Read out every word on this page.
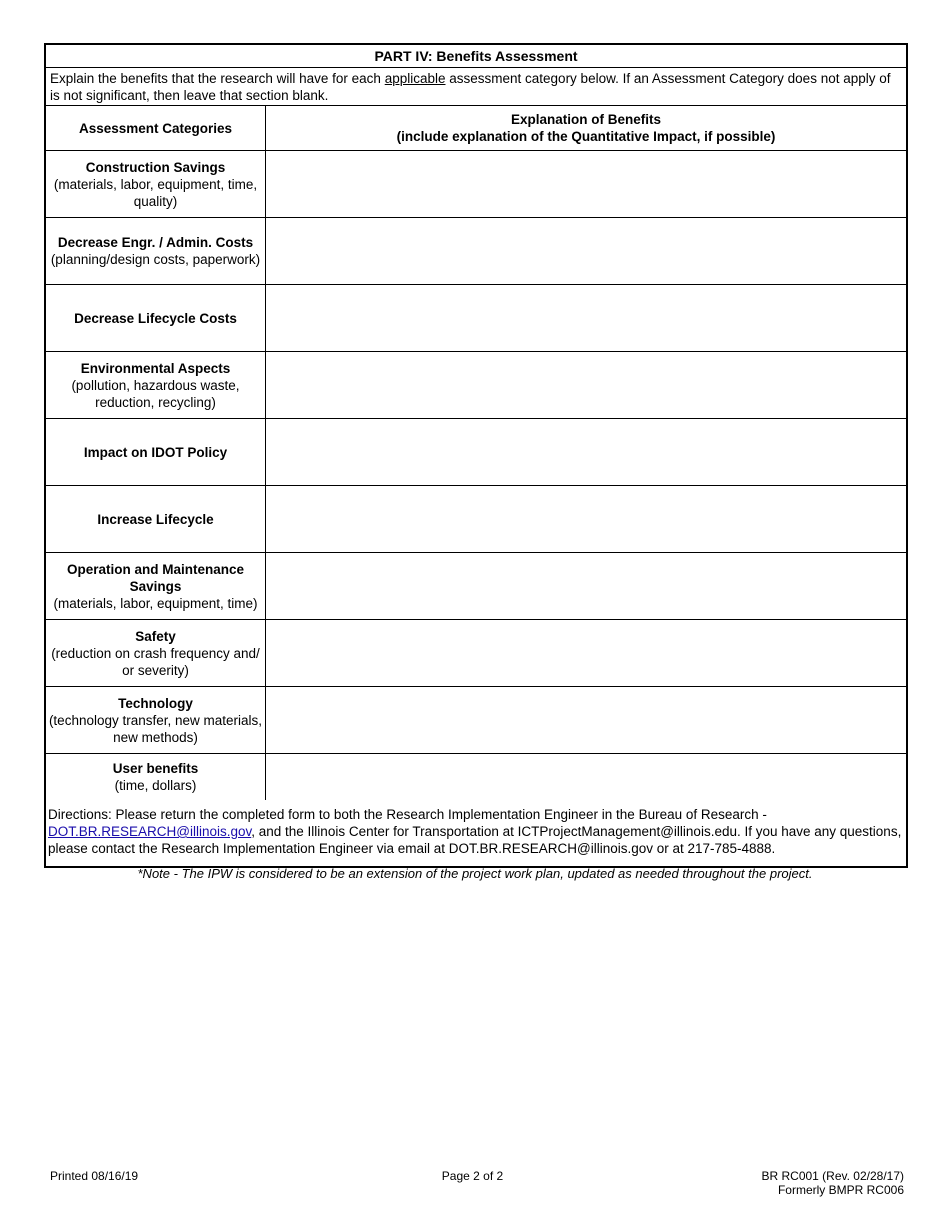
PART IV: Benefits Assessment
Explain the benefits that the research will have for each applicable assessment category below. If an Assessment Category does not apply of is not significant, then leave that section blank.
Assessment Categories
Explanation of Benefits
(include explanation of the Quantitative Impact, if possible)
Construction Savings
(materials, labor, equipment, time, quality)
Decrease Engr. / Admin. Costs
(planning/design costs, paperwork)
Decrease Lifecycle Costs
Environmental Aspects
(pollution, hazardous waste, reduction, recycling)
Impact on IDOT Policy
Increase Lifecycle
Operation and Maintenance Savings
(materials, labor, equipment, time)
Safety
(reduction on crash frequency and/ or severity)
Technology
(technology transfer, new materials, new methods)
User benefits
(time, dollars)
Directions: Please return the completed form to both the Research Implementation Engineer in the Bureau of Research - DOT.BR.RESEARCH@illinois.gov, and the Illinois Center for Transportation at ICTProjectManagement@illinois.edu. If you have any questions, please contact the Research Implementation Engineer via email at DOT.BR.RESEARCH@illinois.gov or at 217-785-4888.
*Note - The IPW is considered to be an extension of the project work plan, updated as needed throughout the project.
Printed 08/16/19	Page 2 of 2	BR RC001 (Rev. 02/28/17)
Formerly BMPR RC006
